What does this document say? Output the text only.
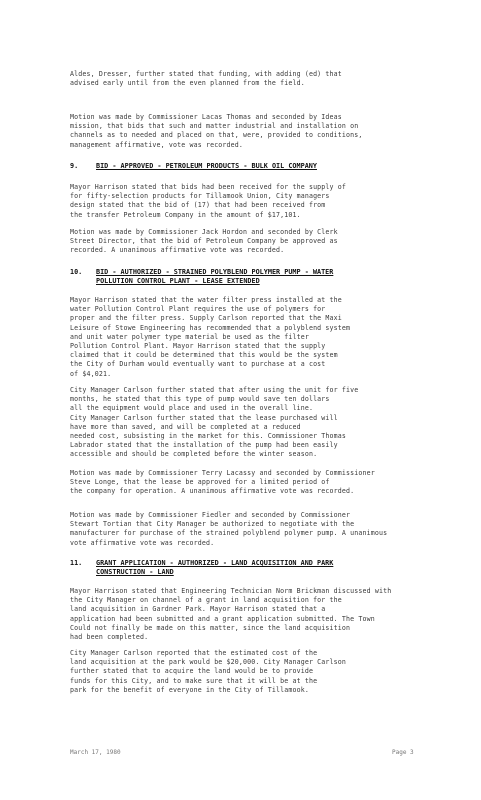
Aldes, Dresser, further stated that funding, with adding (ed) that
advised early until from the even planned from the field.

Motion was made by Commissioner Lacas Thomas and seconded by Ideas
mission, that bids that such and matter industrial and installation on
channels as to needed and placed on that, were, provided to conditions,
management affirmative, vote was recorded.

9.	BID - APPROVED - PETROLEUM PRODUCTS - BULK OIL COMPANY

Mayor Harrison stated that bids had been received for the supply of
for fifty-selection products for Tillamook Union, City managers
design stated that the bid of (17) that had been received from
the transfer Petroleum Company in the amount of $17,101.

Motion was made by Commissioner Jack Hordon and seconded by Clerk
Street Director, that the bid of Petroleum Company be approved as
recorded. A unanimous affirmative vote was recorded.

10. BID - AUTHORIZED - STRAINED POLYBLEND POLYMER PUMP - WATER
POLLUTION CONTROL PLANT - LEASE EXTENDED

Mayor Harrison stated that the water filter press installed at the
water Pollution Control Plant requires the use of polymers for
proper and the filter press. Supply Carlson reported that the Maxi
Leisure of Stowe Engineering has recommended that a polyblend system
and unit water polymer type material be used as the filter
Pollution Control Plant. Mayor Harrison stated that the supply
claimed that it could be determined that this would be the system
the City of Durham would eventually want to purchase at a cost
of $4,021.

City Manager Carlson further stated that after using the unit for five
months, he stated that this type of pump would save ten dollars
all the equipment would place and used in the overall line.
City Manager Carlson further stated that the lease purchased will
have more than saved, and will be completed at a reduced
needed cost, subsisting in the market for this. Commissioner Thomas
Labrador stated that the installation of the pump had been easily
accessible and should be completed before the winter season.

Motion was made by Commissioner Terry Lacassy and seconded by Commissioner
Steve Longe, that the lease be approved for a limited period of
the company for operation. A unanimous affirmative vote was recorded.

Motion was made by Commissioner Fiedler and seconded by Commissioner
Stewart Tortian that City Manager be authorized to negotiate with the
manufacturer for purchase of the strained polyblend polymer pump. A unanimous
vote affirmative vote was recorded.

11. GRANT APPLICATION - AUTHORIZED - LAND ACQUISITION AND PARK
CONSTRUCTION - LAND

Mayor Harrison stated that Engineering Technician Norm Brickman discussed with
the City Manager on channel of a grant in land acquisition for the
land acquisition in Gardner Park. Mayor Harrison stated that a
application had been submitted and a grant application submitted. The Town
Could not finally be made on this matter, since the land acquisition
had been completed.

City Manager Carlson reported that the estimated cost of the
land acquisition at the park would be $20,000. City Manager Carlson
further stated that to acquire the land would be to provide
funds for this City, and to make sure that it will be at the
park for the benefit of everyone in the City of Tillamook.

March 17, 1980	Page 3
